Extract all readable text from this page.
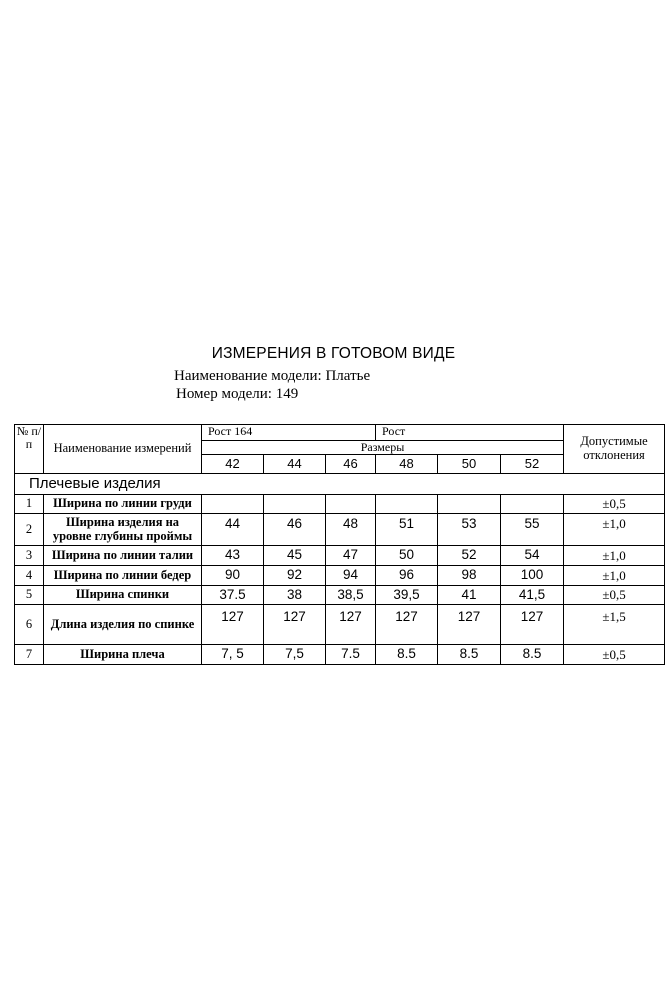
ИЗМЕРЕНИЯ В ГОТОВОМ ВИДЕ
Наименование модели: Платье
Номер модели: 149
№ п/ п	Наименование измерений	Рост 164			Рост			Допустимые отклонения
		Размеры						
		42	44	46	48	50	52	
Плечевые изделия								
1	Ширина по линии груди							±0,5
2	Ширина изделия на уровне глубины проймы	44	46	48	51	53	55	±1,0
3	Ширина по линии талии	43	45	47	50	52	54	±1,0
4	Ширина по линии бедер	90	92	94	96	98	100	±1,0
5	Ширина спинки	37.5	38	38,5	39,5	41	41,5	±0,5
6	Длина изделия по спинке	127	127	127	127	127	127	±1,5
7	Ширина плеча	7, 5	7,5	7.5	8.5	8.5	8.5	±0,5
